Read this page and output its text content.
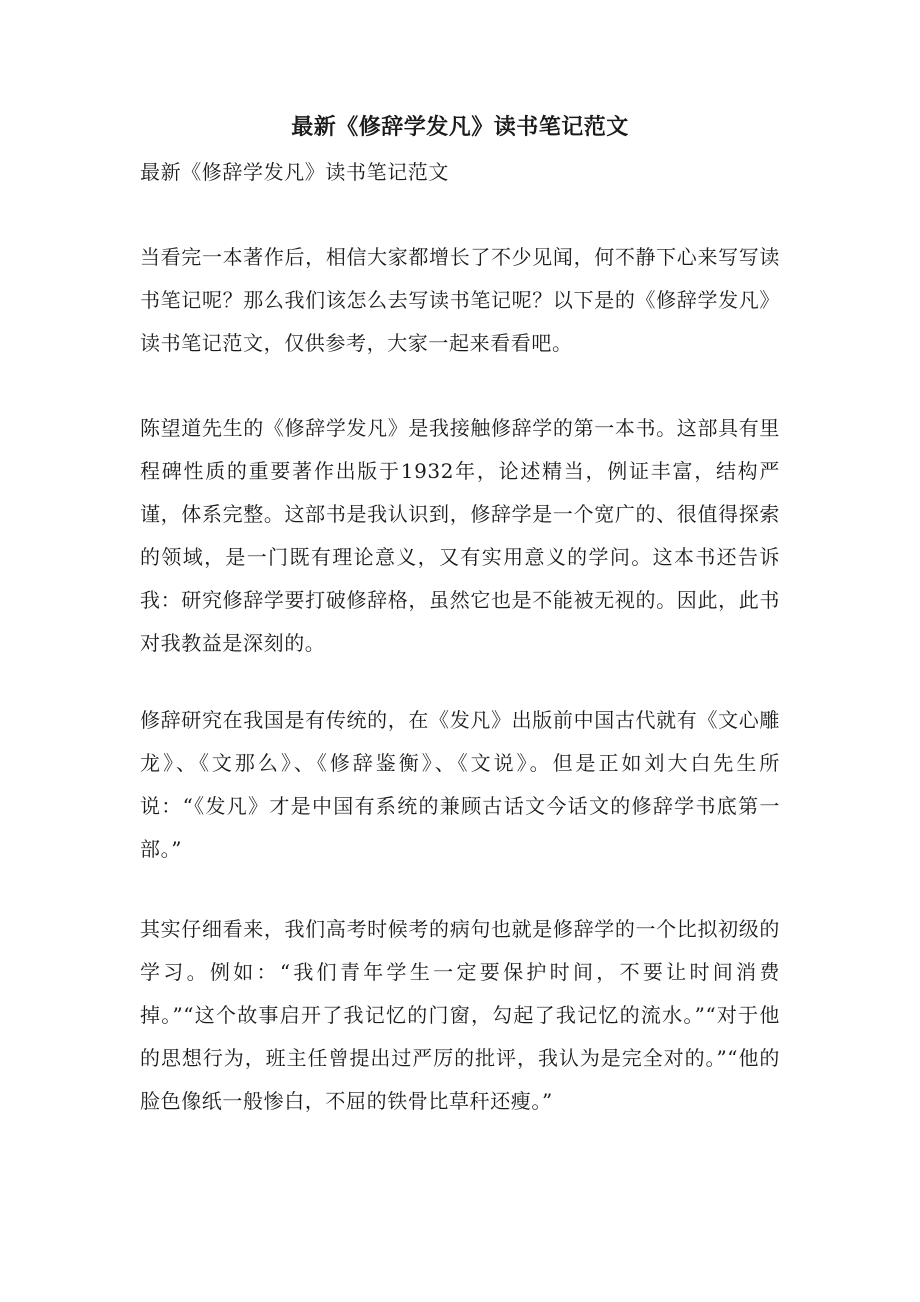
最新《修辞学发凡》读书笔记范文
最新《修辞学发凡》读书笔记范文

当看完一本著作后，相信大家都增长了不少见闻，何不静下心来写写读书笔记呢？那么我们该怎么去写读书笔记呢？以下是的《修辞学发凡》读书笔记范文，仅供参考，大家一起来看看吧。

陈望道先生的《修辞学发凡》是我接触修辞学的第一本书。这部具有里程碑性质的重要著作出版于1932年，论述精当，例证丰富，结构严谨，体系完整。这部书是我认识到，修辞学是一个宽广的、很值得探索的领域，是一门既有理论意义，又有实用意义的学问。这本书还告诉我：研究修辞学要打破修辞格，虽然它也是不能被无视的。因此，此书对我教益是深刻的。

修辞研究在我国是有传统的，在《发凡》出版前中国古代就有《文心雕龙》、《文那么》、《修辞鉴衡》、《文说》。但是正如刘大白先生所说：“《发凡》才是中国有系统的兼顾古话文今话文的修辞学书底第一部。”

其实仔细看来，我们高考时候考的病句也就是修辞学的一个比拟初级的学习。例如：“我们青年学生一定要保护时间，不要让时间消费掉。”“这个故事启开了我记忆的门窗，勾起了我记忆的流水。”“对于他的思想行为，班主任曾提出过严厉的批评，我认为是完全对的。”“他的脸色像纸一般惨白，不屈的铁骨比草秆还瘦。”
